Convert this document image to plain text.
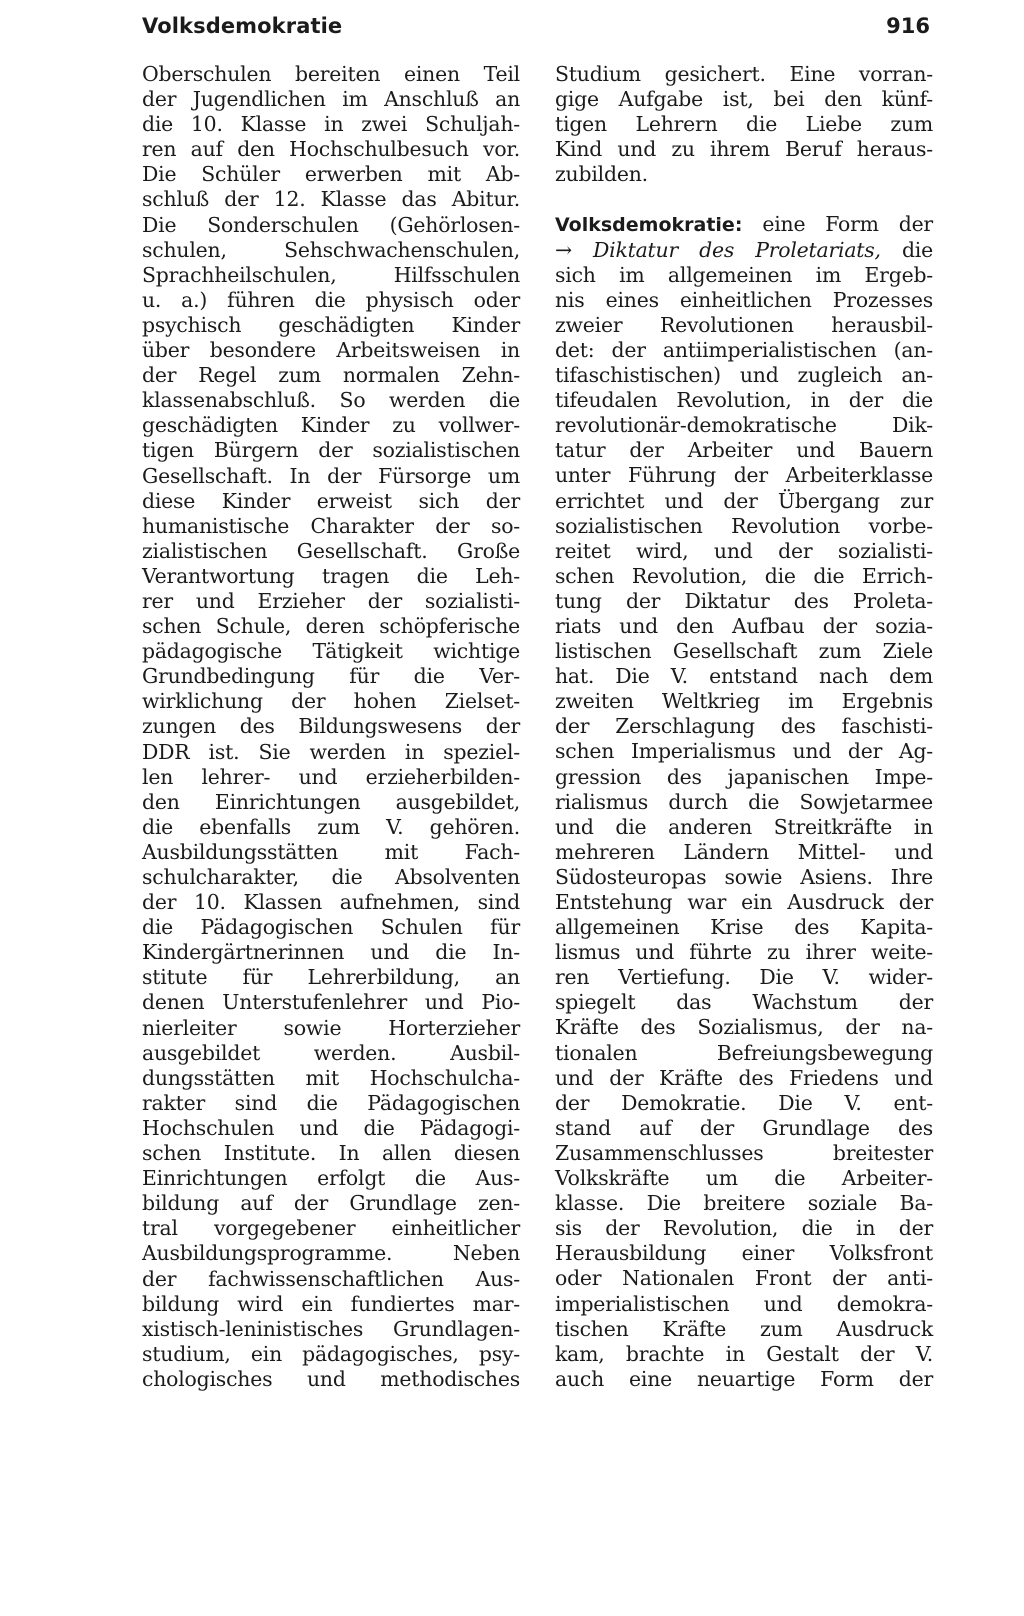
Volksdemokratie	916
Oberschulen bereiten einen Teil
der Jugendlichen im Anschluß an
die 10. Klasse in zwei Schuljah-
ren auf den Hochschulbesuch vor.
Die Schüler erwerben mit Ab-
schluß der 12. Klasse das Abitur.
Die Sonderschulen (Gehörlosen-
schulen, Sehschwachenschulen,
Sprachheilschulen, Hilfsschulen
u. a.) führen die physisch oder
psychisch geschädigten Kinder
über besondere Arbeitsweisen in
der Regel zum normalen Zehn-
klassenabschluß. So werden die
geschädigten Kinder zu vollwer-
tigen Bürgern der sozialistischen
Gesellschaft. In der Fürsorge um
diese Kinder erweist sich der
humanistische Charakter der so-
zialistischen Gesellschaft. Große
Verantwortung tragen die Leh-
rer und Erzieher der sozialisti-
schen Schule, deren schöpferische
pädagogische Tätigkeit wichtige
Grundbedingung für die Ver-
wirklichung der hohen Zielset-
zungen des Bildungswesens der
DDR ist. Sie werden in speziel-
len lehrer- und erzieherbilden-
den Einrichtungen ausgebildet,
die ebenfalls zum V. gehören.
Ausbildungsstätten mit Fach-
schulcharakter, die Absolventen
der 10. Klassen aufnehmen, sind
die Pädagogischen Schulen für
Kindergärtnerinnen und die In-
stitute für Lehrerbildung, an
denen Unterstufenlehrer und Pio-
nierleiter sowie Horterzieher
ausgebildet werden. Ausbil-
dungsstätten mit Hochschulcha-
rakter sind die Pädagogischen
Hochschulen und die Pädagogi-
schen Institute. In allen diesen
Einrichtungen erfolgt die Aus-
bildung auf der Grundlage zen-
tral vorgegebener einheitlicher
Ausbildungsprogramme. Neben
der fachwissenschaftlichen Aus-
bildung wird ein fundiertes mar-
xistisch-leninistisches Grundlagen-
studium, ein pädagogisches, psy-
chologisches und methodisches
Studium gesichert. Eine vorran-
gige Aufgabe ist, bei den künf-
tigen Lehrern die Liebe zum
Kind und zu ihrem Beruf heraus-
zubilden.
Volksdemokratie: eine Form der
→ Diktatur des Proletariats, die
sich im allgemeinen im Ergeb-
nis eines einheitlichen Prozesses
zweier Revolutionen herausbil-
det: der antiimperialistischen (an-
tifaschistischen) und zugleich an-
tifeudalen Revolution, in der die
revolutionär-demokratische Dik-
tatur der Arbeiter und Bauern
unter Führung der Arbeiterklasse
errichtet und der Übergang zur
sozialistischen Revolution vorbe-
reitet wird, und der sozialisti-
schen Revolution, die die Errich-
tung der Diktatur des Proleta-
riats und den Aufbau der sozia-
listischen Gesellschaft zum Ziele
hat. Die V. entstand nach dem
zweiten Weltkrieg im Ergebnis
der Zerschlagung des faschisti-
schen Imperialismus und der Ag-
gression des japanischen Impe-
rialismus durch die Sowjetarmee
und die anderen Streitkräfte in
mehreren Ländern Mittel- und
Südosteuropas sowie Asiens. Ihre
Entstehung war ein Ausdruck der
allgemeinen Krise des Kapita-
lismus und führte zu ihrer weite-
ren Vertiefung. Die V. wider-
spiegelt das Wachstum der
Kräfte des Sozialismus, der na-
tionalen Befreiungsbewegung
und der Kräfte des Friedens und
der Demokratie. Die V. ent-
stand auf der Grundlage des
Zusammenschlusses breitester
Volkskräfte um die Arbeiter-
klasse. Die breitere soziale Ba-
sis der Revolution, die in der
Herausbildung einer Volksfront
oder Nationalen Front der anti-
imperialistischen und demokra-
tischen Kräfte zum Ausdruck
kam, brachte in Gestalt der V.
auch eine neuartige Form der
